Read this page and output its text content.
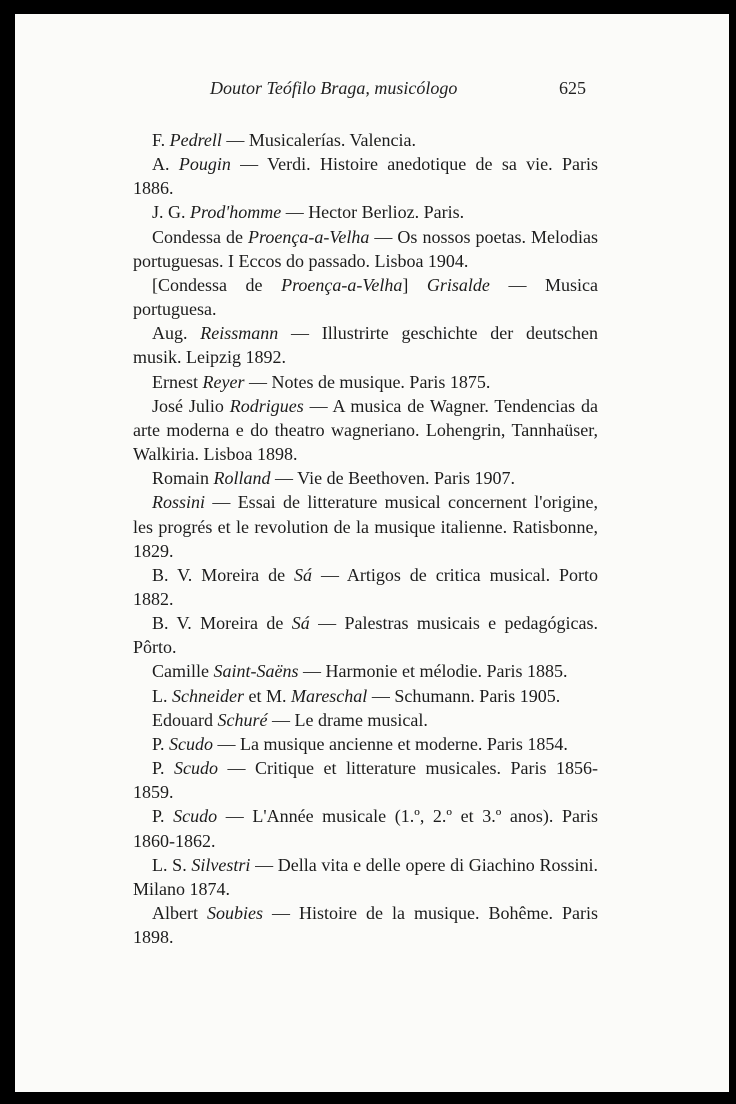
Doutor Teófilo Braga, musicólogo	625

F. Pedrell — Musicalerías. Valencia.

A. Pougin — Verdi. Histoire anedotique de sa vie. Paris 1886.

J. G. Prod'homme — Hector Berlioz. Paris.

Condessa de Proença-a-Velha — Os nossos poetas. Melodias portuguesas. I Eccos do passado. Lisboa 1904.

[Condessa de Proença-a-Velha] Grisalde — Musica portuguesa.

Aug. Reissmann — Illustrirte geschichte der deutschen musik. Leipzig 1892.

Ernest Reyer — Notes de musique. Paris 1875.

José Julio Rodrigues — A musica de Wagner. Tendencias da arte moderna e do theatro wagneriano. Lohengrin, Tannhaüser, Walkiria. Lisboa 1898.

Romain Rolland — Vie de Beethoven. Paris 1907.

Rossini — Essai de litterature musical concernent l'origine, les progrés et le revolution de la musique italienne. Ratisbonne, 1829.

B. V. Moreira de Sá — Artigos de critica musical. Porto 1882.

B. V. Moreira de Sá — Palestras musicais e pedagógicas. Pôrto.

Camille Saint-Saëns — Harmonie et mélodie. Paris 1885.

L. Schneider et M. Mareschal — Schumann. Paris 1905.

Edouard Schuré — Le drame musical.

P. Scudo — La musique ancienne et moderne. Paris 1854.

P. Scudo — Critique et litterature musicales. Paris 1856-1859.

P. Scudo — L'Année musicale (1.º, 2.º et 3.º anos). Paris 1860-1862.

L. S. Silvestri — Della vita e delle opere di Giachino Rossini. Milano 1874.

Albert Soubies — Histoire de la musique. Bohême. Paris 1898.
